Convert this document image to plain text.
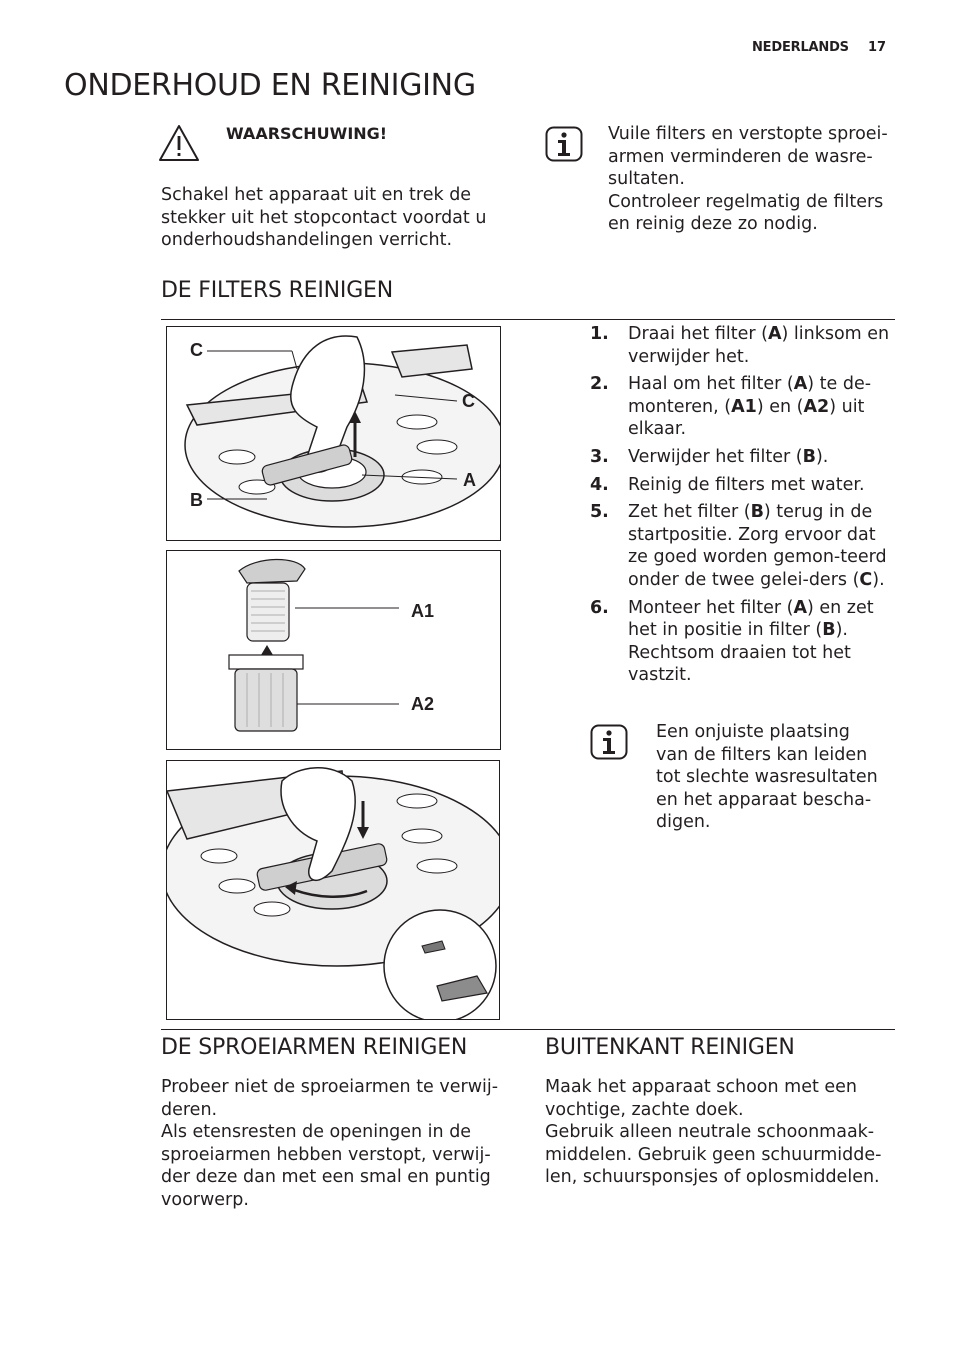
NEDERLANDS 17
ONDERHOUD EN REINIGING
WAARSCHUWING!
Schakel het apparaat uit en trek de
stekker uit het stopcontact voordat u
onderhoudshandelingen verricht.
Vuile filters en verstopte sproei-
armen verminderen de wasre-
sultaten.
Controleer regelmatig de filters
en reinig deze zo nodig.
DE FILTERS REINIGEN
C
C
A
B
A1
A2
1. Draai het filter (A) linksom en verwijder het.
2. Haal om het filter (A) te de-monteren, (A1) en (A2) uit elkaar.
3. Verwijder het filter (B).
4. Reinig de filters met water.
5. Zet het filter (B) terug in de startpositie. Zorg ervoor dat ze goed worden gemon-teerd onder de twee gelei-ders (C).
6. Monteer het filter (A) en zet het in positie in filter (B). Rechtsom draaien tot het vastzit.
Een onjuiste plaatsing
van de filters kan leiden
tot slechte wasresultaten
en het apparaat bescha-
digen.
DE SPROEIARMEN REINIGEN
Probeer niet de sproeiarmen te verwij-
deren.
Als etensresten de openingen in de
sproeiarmen hebben verstopt, verwij-
der deze dan met een smal en puntig
voorwerp.
BUITENKANT REINIGEN
Maak het apparaat schoon met een
vochtige, zachte doek.
Gebruik alleen neutrale schoonmaak-
middelen. Gebruik geen schuurmidde-
len, schuursponsjes of oplosmiddelen.
